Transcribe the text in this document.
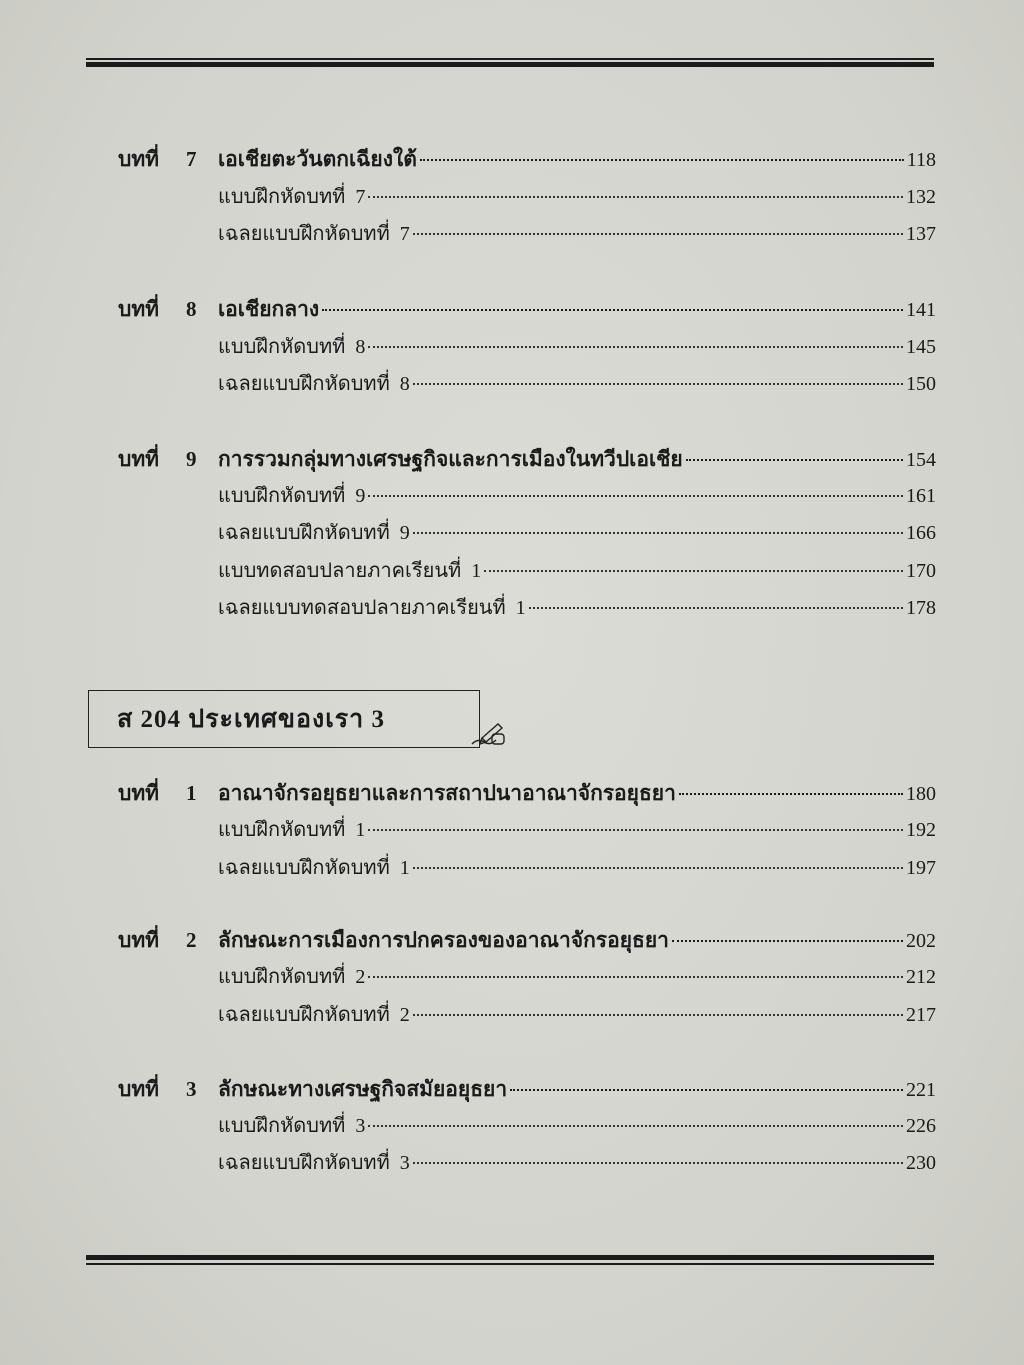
บทที่	7	เอเชียตะวันตกเฉียงใต้	118
แบบฝึกหัดบทที่ 7	132
เฉลยแบบฝึกหัดบทที่ 7	137
บทที่	8	เอเชียกลาง	141
แบบฝึกหัดบทที่ 8	145
เฉลยแบบฝึกหัดบทที่ 8	150
บทที่	9	การรวมกลุ่มทางเศรษฐกิจและการเมืองในทวีปเอเชีย	154
แบบฝึกหัดบทที่ 9	161
เฉลยแบบฝึกหัดบทที่ 9	166
แบบทดสอบปลายภาคเรียนที่ 1	170
เฉลยแบบทดสอบปลายภาคเรียนที่ 1	178
ส 204 ประเทศของเรา 3
บทที่	1	อาณาจักรอยุธยาและการสถาปนาอาณาจักรอยุธยา	180
แบบฝึกหัดบทที่ 1	192
เฉลยแบบฝึกหัดบทที่ 1	197
บทที่	2	ลักษณะการเมืองการปกครองของอาณาจักรอยุธยา	202
แบบฝึกหัดบทที่ 2	212
เฉลยแบบฝึกหัดบทที่ 2	217
บทที่	3	ลักษณะทางเศรษฐกิจสมัยอยุธยา	221
แบบฝึกหัดบทที่ 3	226
เฉลยแบบฝึกหัดบทที่ 3	230
